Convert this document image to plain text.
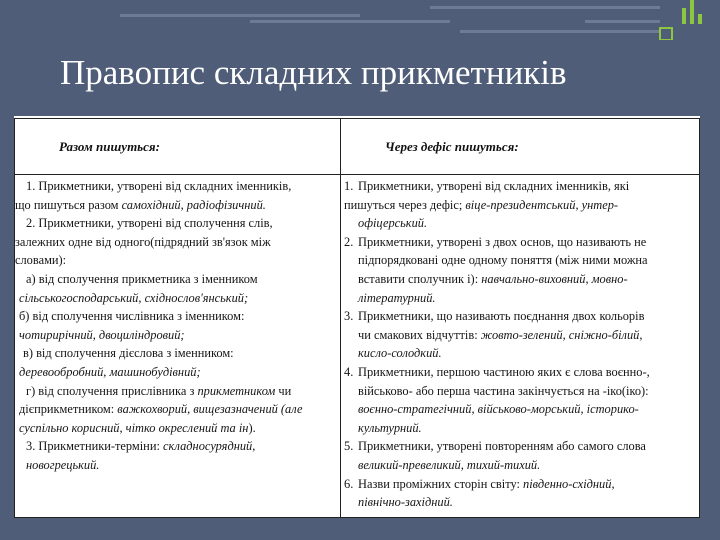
Правопис складних прикметників
Разом пишуться:	Через дефіс пишуться:

1. Прикметники, утворені від складних іменників,

що пишуться разом самохідний, радіофізичний.

2. Прикметники, утворені від сполучення слів,

залежних одне від одного(підрядний зв'язок між

словами):

а) від сполучення прикметника з іменником

сільськогосподарський, східнослов'янський;

б) від сполучення числівника з іменником:

чотирирічний, двоциліндровий;

в) від сполучення дієслова з іменником:

деревообробний, машинобудівний;

г) від сполучення прислівника з прикметником чи

дієприкметником: важкохворий, вищезазначений (але

суспільно корисний, чітко окреслений та ін).

3. Прикметники-терміни: складносурядний,

новогрецький.

1. Прикметники, утворені від складних іменників, які

пишуться через дефіс; віце-президентський, унтер-

офіцерський.

2. Прикметники, утворені з двох основ, що називають не

підпорядковані одне одному поняття (між ними можна

вставити сполучник і): навчально-виховний, мовно-

літературний.

3. Прикметники, що називають поєднання двох кольорів

чи смакових відчуттів: жовто-зелений, сніжно-білий,

кисло-солодкий.

4. Прикметники, першою частиною яких є слова воєнно-,

військово- або перша частина закінчується на -іко(іко):

воєнно-стратегічний, військово-морський, історико-

культурний.

5. Прикметники, утворені повторенням або самого слова

великий-превеликий, тихий-тихий.

6. Назви проміжних сторін світу: південно-східний,

північно-західний.
